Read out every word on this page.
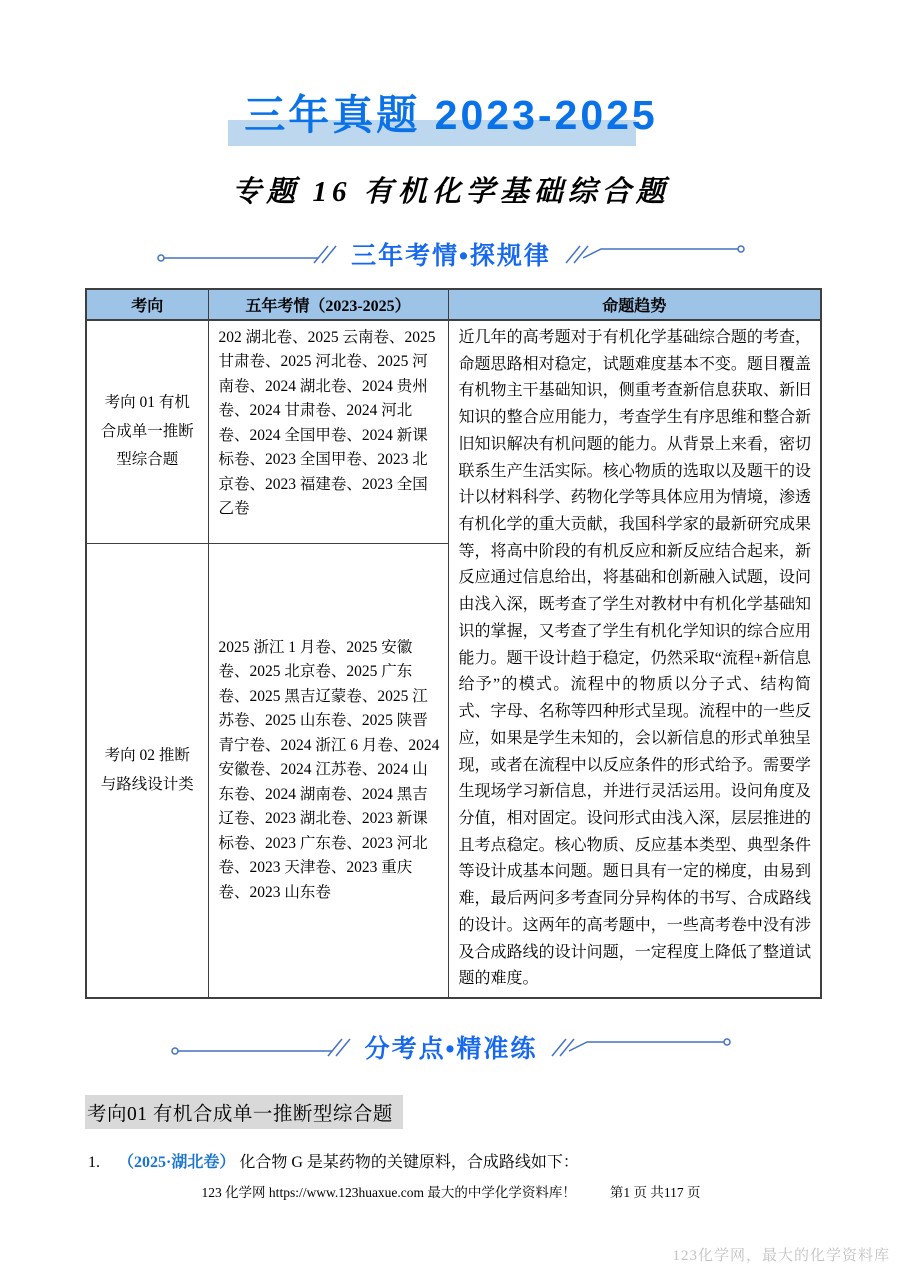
三年真题 2023-2025
专题 16 有机化学基础综合题
三年考情•探规律
考向	五年考情（2023-2025）	命题趋势
考向 01 有机合成单一推断型综合题	202 湖北卷、2025 云南卷、2025 甘肃卷、2025 河北卷、2025 河南卷、2024 湖北卷、2024 贵州卷、2024 甘肃卷、2024 河北卷、2024 全国甲卷、2024 新课标卷、2023 全国甲卷、2023 北京卷、2023 福建卷、2023 全国乙卷	近几年的高考题对于有机化学基础综合题的考查，命题思路相对稳定，试题难度基本不变。题目覆盖有机物主干基础知识，侧重考查新信息获取、新旧知识的整合应用能力，考查学生有序思维和整合新旧知识解决有机问题的能力。从背景上来看，密切联系生产生活实际。核心物质的选取以及题干的设计以材料科学、药物化学等具体应用为情境，渗透有机化学的重大贡献，我国科学家的最新研究成果等，将高中阶段的有机反应和新反应结合起来，新反应通过信息给出，将基础和创新融入试题，设问由浅入深，既考查了学生对教材中有机化学基础知识的掌握，又考查了学生有机化学知识的综合应用能力。题干设计趋于稳定，仍然采取“流程+新信息给予”的模式。流程中的物质以分子式、结构简式、字母、名称等四种形式呈现。流程中的一些反应，如果是学生未知的，会以新信息的形式单独呈现，或者在流程中以反应条件的形式给予。需要学生现场学习新信息，并进行灵活运用。设问角度及分值，相对固定。设问形式由浅入深，层层推进的且考点稳定。核心物质、反应基本类型、典型条件等设计成基本问题。题日具有一定的梯度，由易到难，最后两问多考查同分异构体的书写、合成路线的设计。这两年的高考题中，一些高考卷中没有涉及合成路线的设计问题，一定程度上降低了整道试题的难度。
考向 02 推断与路线设计类	2025 浙江 1 月卷、2025 安徽卷、2025 北京卷、2025 广东卷、2025 黑吉辽蒙卷、2025 江苏卷、2025 山东卷、2025 陕晋青宁卷、2024 浙江 6 月卷、2024 安徽卷、2024 江苏卷、2024 山东卷、2024 湖南卷、2024 黑吉辽卷、2023 湖北卷、2023 新课标卷、2023 广东卷、2023 河北卷、2023 天津卷、2023 重庆卷、2023 山东卷	
分考点•精准练
考向01 有机合成单一推断型综合题
1. （2025·湖北卷） 化合物 G 是某药物的关键原料，合成路线如下：
123 化学网 https://www.123huaxue.com 最大的中学化学资料库！	第1 页 共117 页
123化学网，最大的化学资料库
